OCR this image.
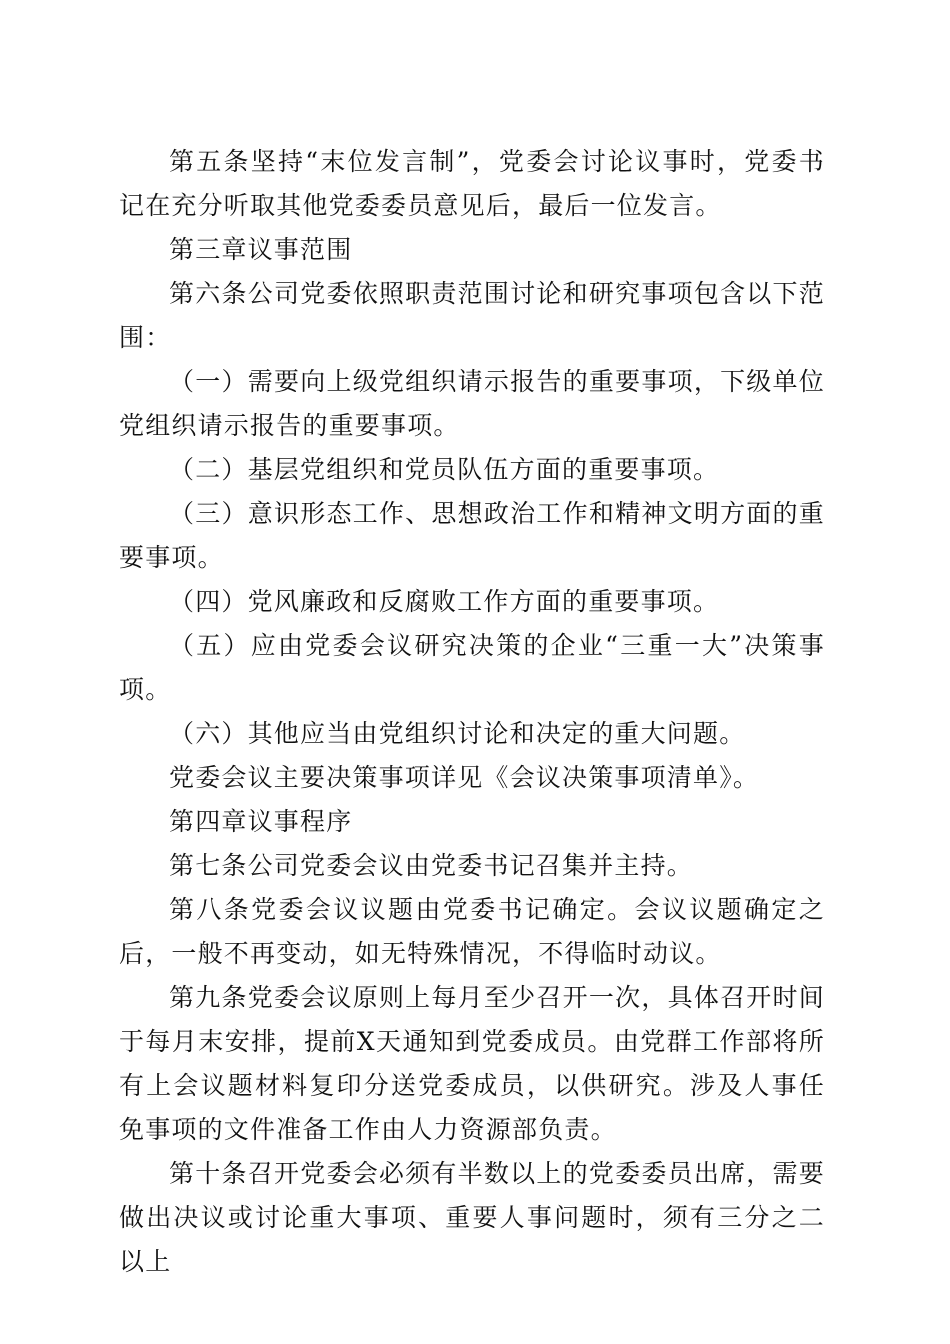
第五条坚持“末位发言制”，党委会讨论议事时，党委书记在充分听取其他党委委员意见后，最后一位发言。

第三章议事范围

第六条公司党委依照职责范围讨论和研究事项包含以下范围：

（一）需要向上级党组织请示报告的重要事项，下级单位党组织请示报告的重要事项。

（二）基层党组织和党员队伍方面的重要事项。

（三）意识形态工作、思想政治工作和精神文明方面的重要事项。

（四）党风廉政和反腐败工作方面的重要事项。

（五）应由党委会议研究决策的企业“三重一大”决策事项。

（六）其他应当由党组织讨论和决定的重大问题。

党委会议主要决策事项详见《会议决策事项清单》。

第四章议事程序

第七条公司党委会议由党委书记召集并主持。

第八条党委会议议题由党委书记确定。会议议题确定之后，一般不再变动，如无特殊情况，不得临时动议。

第九条党委会议原则上每月至少召开一次，具体召开时间于每月末安排，提前X天通知到党委成员。由党群工作部将所有上会议题材料复印分送党委成员，以供研究。涉及人事任免事项的文件准备工作由人力资源部负责。

第十条召开党委会必须有半数以上的党委委员出席，需要做出决议或讨论重大事项、重要人事问题时，须有三分之二以上
